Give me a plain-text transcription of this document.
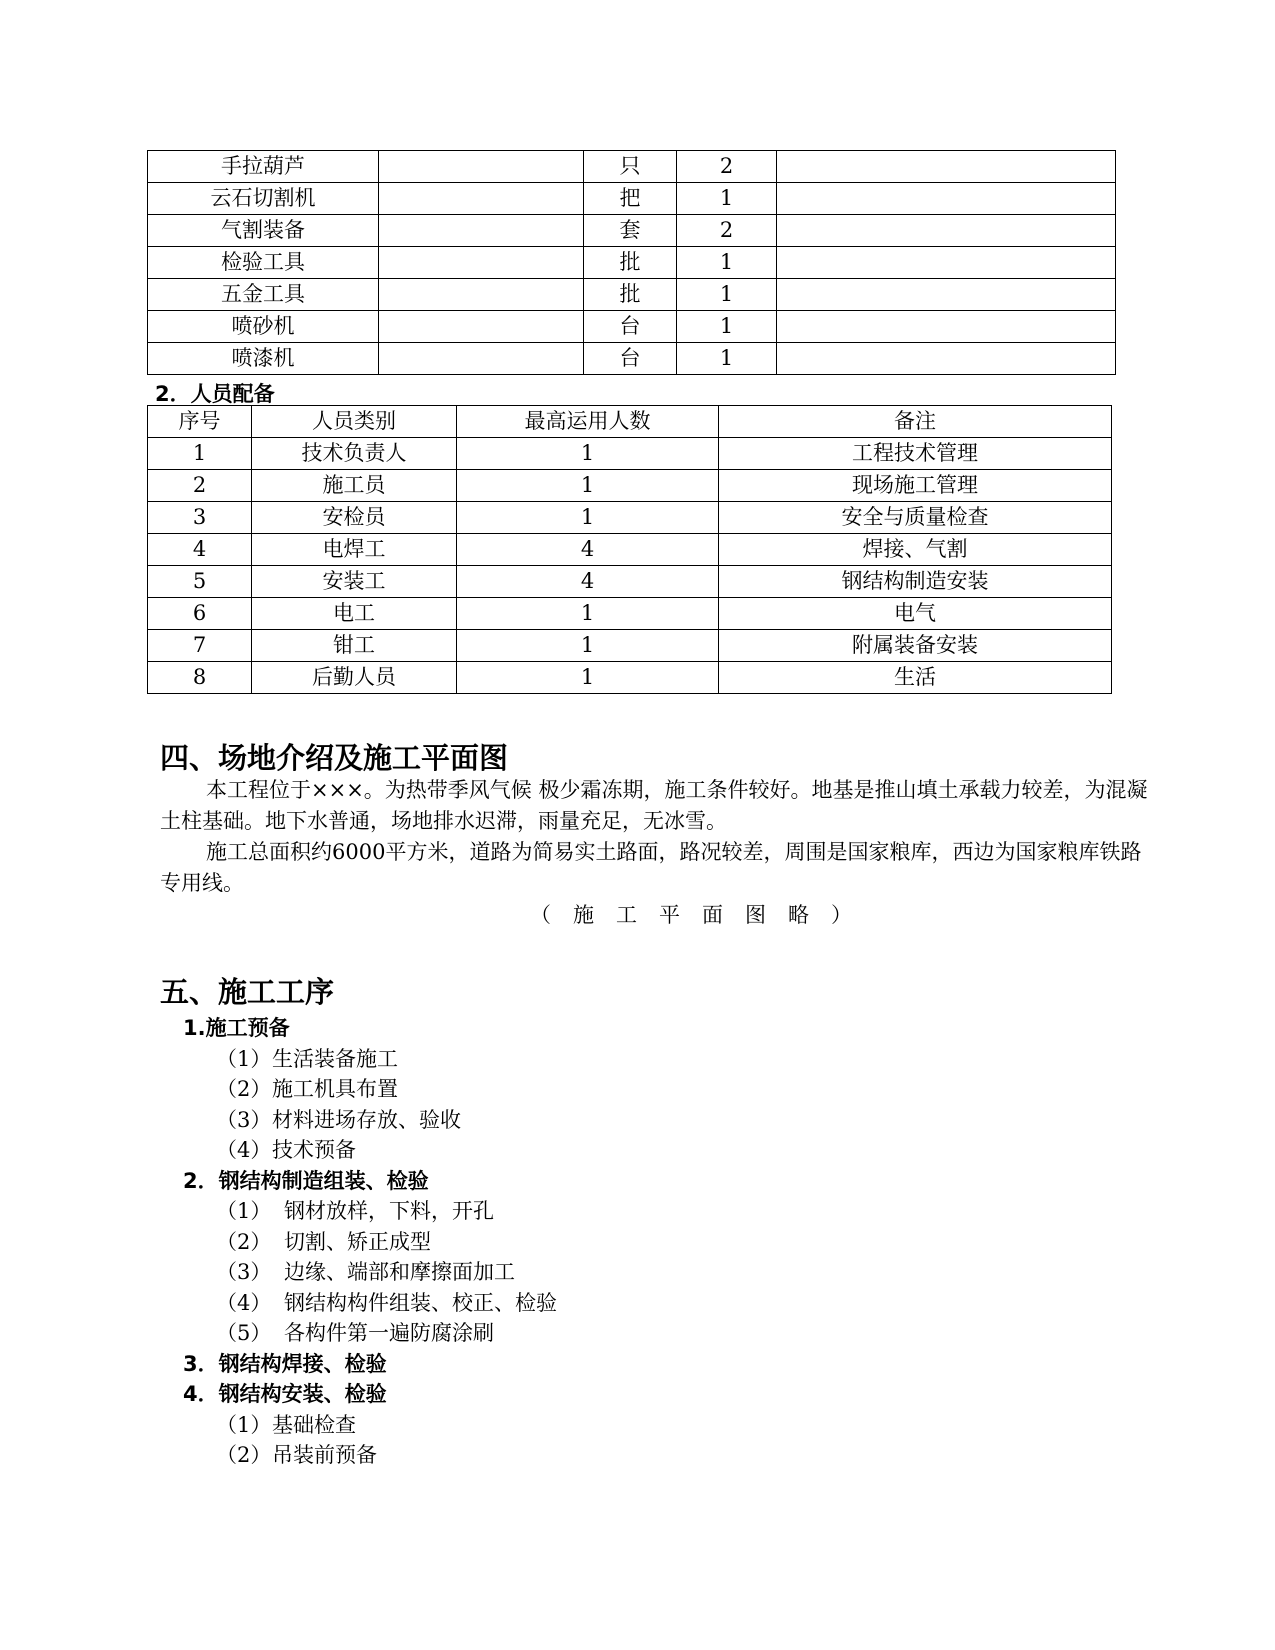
手拉葫芦		只	2	
云石切割机		把	1	
气割装备		套	2	
检验工具		批	1	
五金工具		批	1	
喷砂机		台	1	
喷漆机		台	1	
2．人员配备
序号	人员类别	最高运用人数	备注
1	技术负责人	1	工程技术管理
2	施工员	1	现场施工管理
3	安检员	1	安全与质量检查
4	电焊工	4	焊接、气割
5	安装工	4	钢结构制造安装
6	电工	1	电气
7	钳工	1	附属装备安装
8	后勤人员	1	生活
四、场地介绍及施工平面图
本工程位于×××。为热带季风气候 极少霜冻期，施工条件较好。地基是推山填土承载力较差，为混凝土柱基础。地下水普通，场地排水迟滞，雨量充足，无冰雪。
施工总面积约6000平方米，道路为简易实土路面，路况较差，周围是国家粮库，西边为国家粮库铁路专用线。
（施工平面图略）
五、施工工序
1.施工预备
（1）生活装备施工
（2）施工机具布置
（3）材料进场存放、验收
（4）技术预备
2．钢结构制造组装、检验
（1） 钢材放样，下料，开孔
（2） 切割、矫正成型
（3） 边缘、端部和摩擦面加工
（4） 钢结构构件组装、校正、检验
（5） 各构件第一遍防腐涂刷
3．钢结构焊接、检验
4．钢结构安装、检验
（1）基础检查
（2）吊装前预备
